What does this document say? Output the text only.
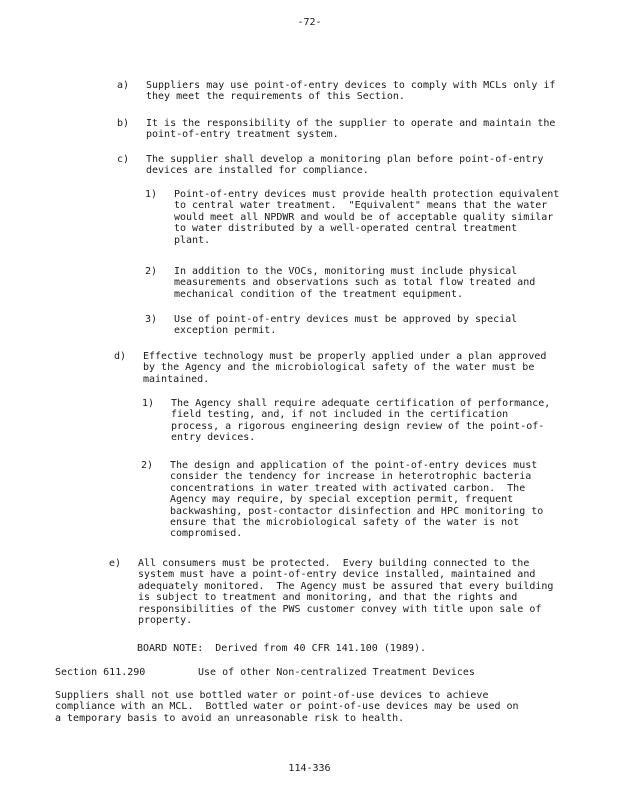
-72-
a) Suppliers may use point-of-entry devices to comply with MCLs only if
they meet the requirements of this Section.
b) It is the responsibility of the supplier to operate and maintain the
point-of-entry treatment system.
c) The supplier shall develop a monitoring plan before point-of-entry
devices are installed for compliance.
1) Point-of-entry devices must provide health protection equivalent
to central water treatment.  "Equivalent" means that the water
would meet all NPDWR and would be of acceptable quality similar
to water distributed by a well-operated central treatment
plant.
2) In addition to the VOCs, monitoring must include physical
measurements and observations such as total flow treated and
mechanical condition of the treatment equipment.
3) Use of point-of-entry devices must be approved by special
exception permit.
d) Effective technology must be properly applied under a plan approved
by the Agency and the microbiological safety of the water must be
maintained.
1) The Agency shall require adequate certification of performance,
field testing, and, if not included in the certification
process, a rigorous engineering design review of the point-of-
entry devices.
2) The design and application of the point-of-entry devices must
consider the tendency for increase in heterotrophic bacteria
concentrations in water treated with activated carbon.  The
Agency may require, by special exception permit, frequent
backwashing, post-contactor disinfection and HPC monitoring to
ensure that the microbiological safety of the water is not
compromised.
e) All consumers must be protected.  Every building connected to the
system must have a point-of-entry device installed, maintained and
adequately monitored.  The Agency must be assured that every building
is subject to treatment and monitoring, and that the rights and
responsibilities of the PWS customer convey with title upon sale of
property.
BOARD NOTE:  Derived from 40 CFR 141.100 (1989).
Section 611.290	Use of other Non-centralized Treatment Devices
Suppliers shall not use bottled water or point-of-use devices to achieve
compliance with an MCL.  Bottled water or point-of-use devices may be used on
a temporary basis to avoid an unreasonable risk to health.
114-336
